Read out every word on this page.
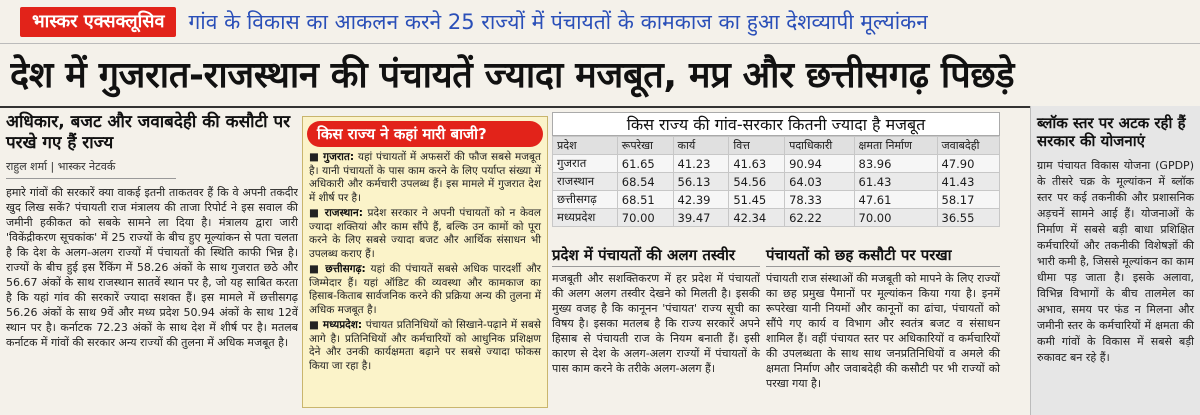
भास्कर एक्सक्लूसिव	गांव के विकास का आकलन करने 25 राज्यों में पंचायतों के कामकाज का हुआ देशव्यापी मूल्यांकन
देश में गुजरात-राजस्थान की पंचायतें ज्यादा मजबूत, मप्र और छत्तीसगढ़ पिछड़े
अधिकार, बजट और जवाबदेही की कसौटी पर परखे गए हैं राज्य
राहुल शर्मा | भास्कर नेटवर्क

हमारे गांवों की सरकारें क्या वाकई इतनी ताकतवर हैं कि वे अपनी तकदीर खुद लिख सकें? पंचायती राज मंत्रालय की ताजा रिपोर्ट ने इस सवाल की जमीनी हकीकत को सबके सामने ला दिया है। मंत्रालय द्वारा जारी 'विकेंद्रीकरण सूचकांक' में 25 राज्यों के बीच हुए मूल्यांकन से पता चलता है कि देश के अलग-अलग राज्यों में पंचायतों की स्थिति काफी भिन्न है। राज्यों के बीच हुई इस रैंकिंग में 58.26 अंकों के साथ गुजरात छठे और 56.67 अंकों के साथ राजस्थान सातवें स्थान पर है, जो यह साबित करता है कि यहां गांव की सरकारें ज्यादा सशक्त हैं। इस मामले में छत्तीसगढ़ 56.26 अंकों के साथ 9वें और मध्य प्रदेश 50.94 अंकों के साथ 12वें स्थान पर है। कर्नाटक 72.23 अंकों के साथ देश में शीर्ष पर है। मतलब कर्नाटक में गांवों की सरकार अन्य राज्यों की तुलना में अधिक मजबूत है।

किस राज्य ने कहां मारी बाजी?

■ गुजरात: यहां पंचायतों में अफसरों की फौज सबसे मजबूत है। यानी पंचायतों के पास काम करने के लिए पर्याप्त संख्या में अधिकारी और कर्मचारी उपलब्ध हैं। इस मामले में गुजरात देश में शीर्ष पर है।

■ राजस्थान: प्रदेश सरकार ने अपनी पंचायतों को न केवल ज्यादा शक्तियां और काम सौंपे हैं, बल्कि उन कामों को पूरा करने के लिए सबसे ज्यादा बजट और आर्थिक संसाधन भी उपलब्ध कराए हैं।

■ छत्तीसगढ़: यहां की पंचायतें सबसे अधिक पारदर्शी और जिम्मेदार हैं। यहां ऑडिट की व्यवस्था और कामकाज का हिसाब-किताब सार्वजनिक करने की प्रक्रिया अन्य की तुलना में अधिक मजबूत है।

■ मध्यप्रदेश: पंचायत प्रतिनिधियों को सिखाने-पढ़ाने में सबसे आगे है। प्रतिनिधियों और कर्मचारियों को आधुनिक प्रशिक्षण देने और उनकी कार्यक्षमता बढ़ाने पर सबसे ज्यादा फोकस किया जा रहा है।

किस राज्य की गांव-सरकार कितनी ज्यादा है मजबूत
प्रदेश	रूपरेखा	कार्य	वित्त	पदाधिकारी	क्षमता निर्माण	जवाबदेही
गुजरात	61.65	41.23	41.63	90.94	83.96	47.90
राजस्थान	68.54	56.13	54.56	64.03	61.43	41.43
छत्तीसगढ़	68.51	42.39	51.45	78.33	47.61	58.17
मध्यप्रदेश	70.00	39.47	42.34	62.22	70.00	36.55
प्रदेश में पंचायतों की अलग तस्वीर

मजबूती और सशक्तिकरण में हर प्रदेश में पंचायतों की अलग अलग तस्वीर देखने को मिलती है। इसकी मुख्य वजह है कि कानूनन 'पंचायत' राज्य सूची का विषय है। इसका मतलब है कि राज्य सरकारें अपने हिसाब से पंचायती राज के नियम बनाती हैं। इसी कारण से देश के अलग-अलग राज्यों में पंचायतों के पास काम करने के तरीके अलग-अलग हैं।

पंचायतों को छह कसौटी पर परखा

पंचायती राज संस्थाओं की मजबूती को मापने के लिए राज्यों का छह प्रमुख पैमानों पर मूल्यांकन किया गया है। इनमें रूपरेखा यानी नियमों और कानूनों का ढांचा, पंचायतों को सौंपे गए कार्य व विभाग और स्वतंत्र बजट व संसाधन शामिल हैं। वहीं पंचायत स्तर पर अधिकारियों व कर्मचारियों की उपलब्धता के साथ साथ जनप्रतिनिधियों व अमले की क्षमता निर्माण और जवाबदेही की कसौटी पर भी राज्यों को परखा गया है।

ब्लॉक स्तर पर अटक रही हैं सरकार की योजनाएं

ग्राम पंचायत विकास योजना (GPDP) के तीसरे चक्र के मूल्यांकन में ब्लॉक स्तर पर कई तकनीकी और प्रशासनिक अड़चनें सामने आई हैं। योजनाओं के निर्माण में सबसे बड़ी बाधा प्रशिक्षित कर्मचारियों और तकनीकी विशेषज्ञों की भारी कमी है, जिससे मूल्यांकन का काम धीमा पड़ जाता है। इसके अलावा, विभिन्न विभागों के बीच तालमेल का अभाव, समय पर फंड न मिलना और जमीनी स्तर के कर्मचारियों में क्षमता की कमी गांवों के विकास में सबसे बड़ी रुकावट बन रहे हैं।
